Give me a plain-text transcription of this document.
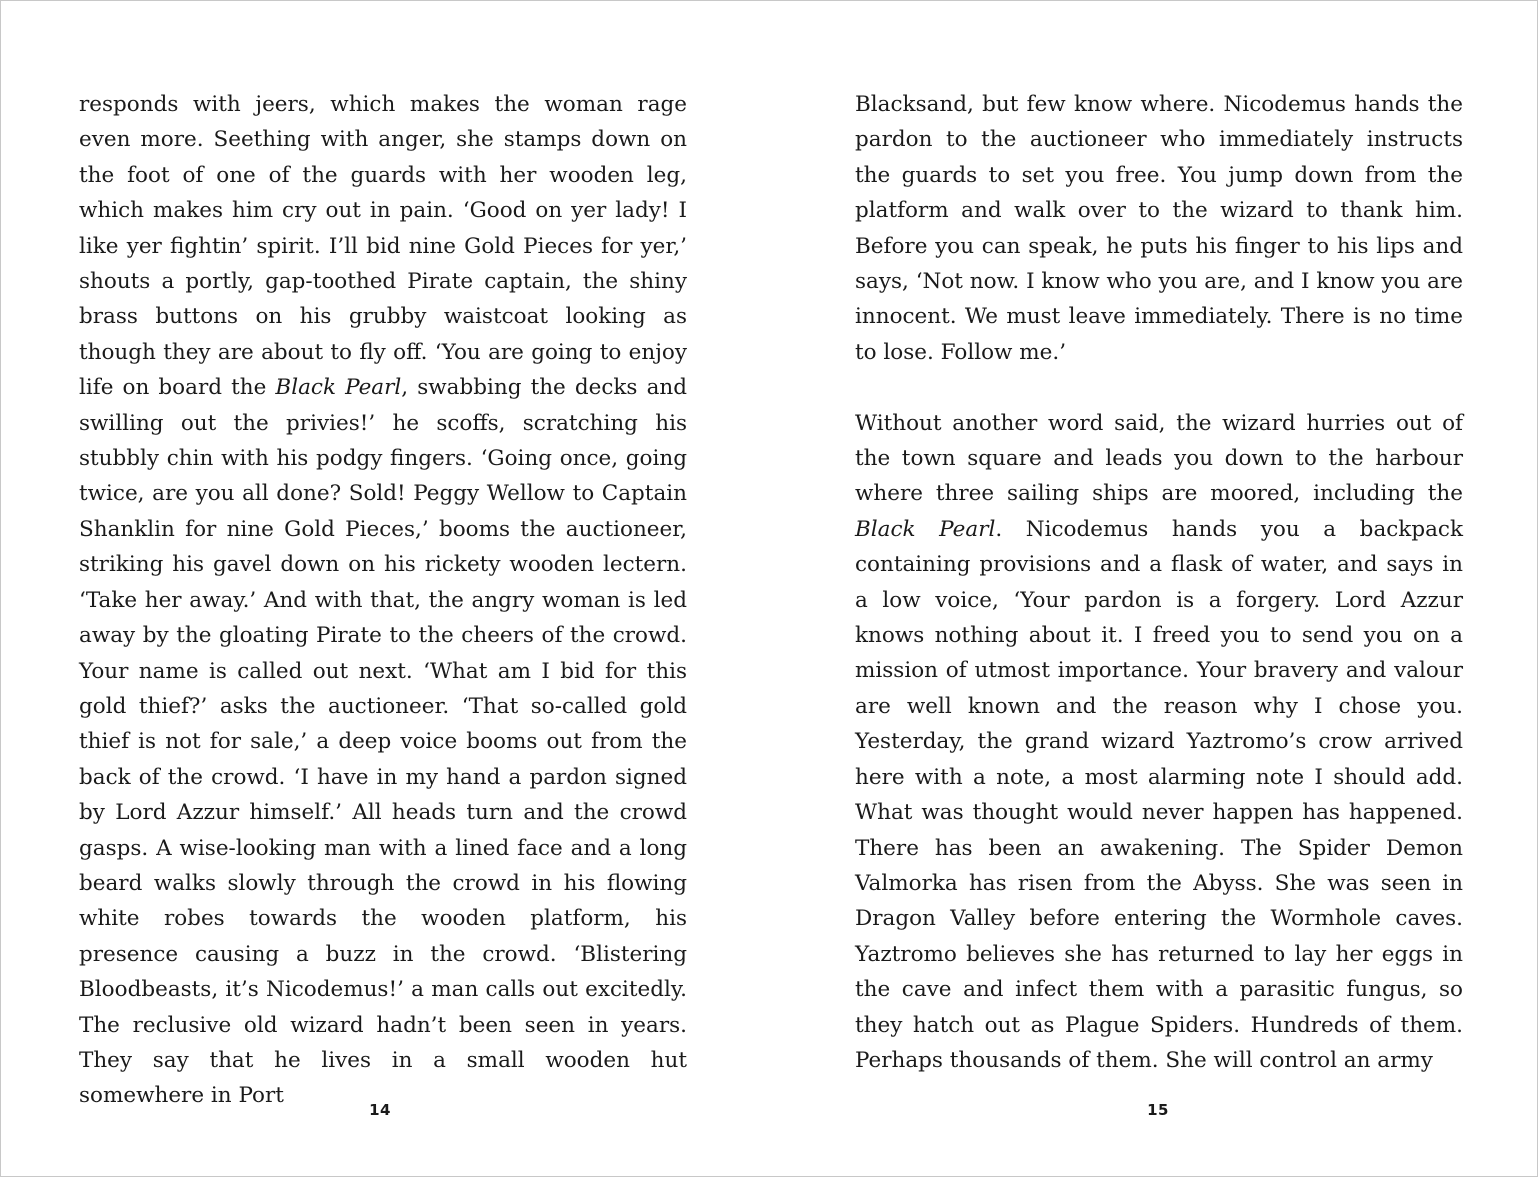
responds with jeers, which makes the woman rage even more. Seething with anger, she stamps down on the foot of one of the guards with her wooden leg, which makes him cry out in pain. ‘Good on yer lady! I like yer fightin’ spirit. I’ll bid nine Gold Pieces for yer,’ shouts a portly, gap-toothed Pirate captain, the shiny brass buttons on his grubby waistcoat looking as though they are about to fly off. ‘You are going to enjoy life on board the Black Pearl, swabbing the decks and swilling out the privies!’ he scoffs, scratching his stubbly chin with his podgy fingers. ‘Going once, going twice, are you all done? Sold! Peggy Wellow to Captain Shanklin for nine Gold Pieces,’ booms the auctioneer, striking his gavel down on his rickety wooden lectern. ‘Take her away.’ And with that, the angry woman is led away by the gloating Pirate to the cheers of the crowd. Your name is called out next. ‘What am I bid for this gold thief?’ asks the auctioneer. ‘That so-called gold thief is not for sale,’ a deep voice booms out from the back of the crowd. ‘I have in my hand a pardon signed by Lord Azzur himself.’ All heads turn and the crowd gasps. A wise-looking man with a lined face and a long beard walks slowly through the crowd in his flowing white robes towards the wooden platform, his presence causing a buzz in the crowd. ‘Blistering Bloodbeasts, it’s Nicodemus!’ a man calls out excitedly. The reclusive old wizard hadn’t been seen in years. They say that he lives in a small wooden hut somewhere in Port

Blacksand, but few know where. Nicodemus hands the pardon to the auctioneer who immediately instructs the guards to set you free. You jump down from the platform and walk over to the wizard to thank him. Before you can speak, he puts his finger to his lips and says, ‘Not now. I know who you are, and I know you are innocent. We must leave immediately. There is no time to lose. Follow me.’

Without another word said, the wizard hurries out of the town square and leads you down to the harbour where three sailing ships are moored, including the Black Pearl. Nicodemus hands you a backpack containing provisions and a flask of water, and says in a low voice, ‘Your pardon is a forgery. Lord Azzur knows nothing about it. I freed you to send you on a mission of utmost importance. Your bravery and valour are well known and the reason why I chose you. Yesterday, the grand wizard Yaztromo’s crow arrived here with a note, a most alarming note I should add. What was thought would never happen has happened. There has been an awakening. The Spider Demon Valmorka has risen from the Abyss. She was seen in Dragon Valley before entering the Wormhole caves. Yaztromo believes she has returned to lay her eggs in the cave and infect them with a parasitic fungus, so they hatch out as Plague Spiders. Hundreds of them. Perhaps thousands of them. She will control an army

14	15
